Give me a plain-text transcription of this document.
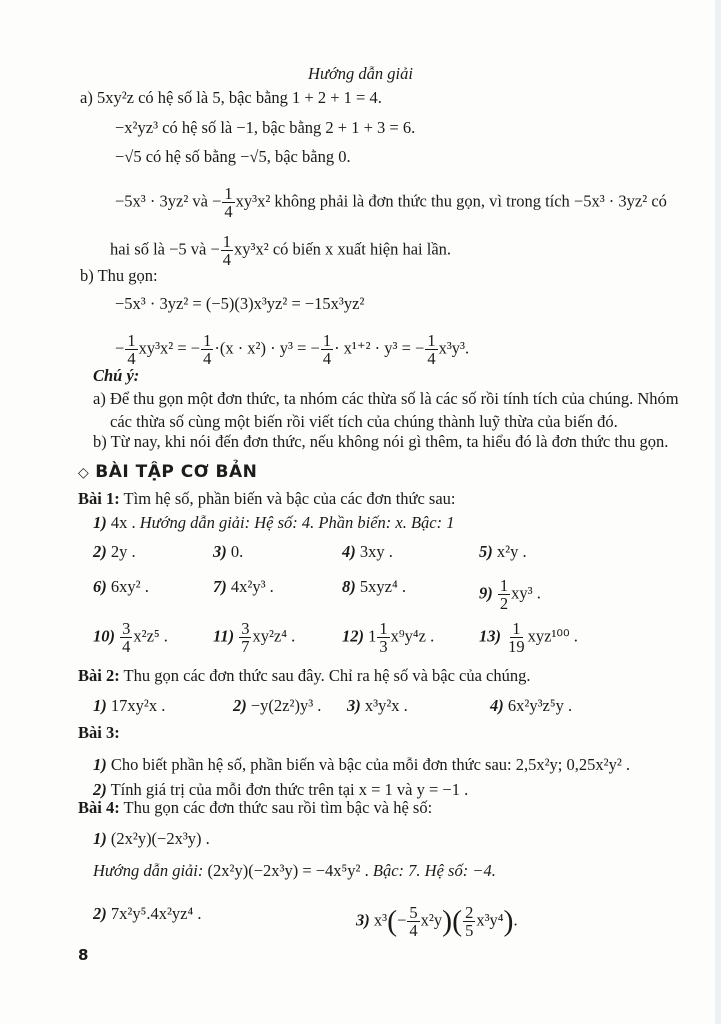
Hướng dẫn giải
a) 5xy²z có hệ số là 5, bậc bằng 1 + 2 + 1 = 4.
−x²yz³ có hệ số là −1, bậc bằng 2 + 1 + 3 = 6.
−√5 có hệ số bằng −√5, bậc bằng 0.
−5x³ · 3yz² và − $\frac{1}{4} xy^3x^2$ không phải là đơn thức thu gọn, vì trong tích −5x³ · 3yz² có
hai số là −5 và − $\frac{1}{4} xy^3x^2$ có biến x xuất hiện hai lần.
b) Thu gọn:
−5x³ · 3yz² = (−5)(3)x³yz² = −15x³yz²
− $\frac{1}{4} xy^3x^2$ = − $\frac{1}{4} \cdot(x \cdot x^2) \cdot y^3$ = − $\frac{1}{4} \cdot x^{1+2} \cdot y^3$ = − $\frac{1}{4} x^3y^3$.
Chú ý:
a) Để thu gọn một đơn thức, ta nhóm các thừa số là các số rồi tính tích của chúng. Nhóm
các thừa số cùng một biến rồi viết tích của chúng thành luỹ thừa của biến đó.
b) Từ nay, khi nói đến đơn thức, nếu không nói gì thêm, ta hiểu đó là đơn thức thu gọn.
◇ BÀI TẬP CƠ BẢN
Bài 1: Tìm hệ số, phần biến và bậc của các đơn thức sau:
1) 4x . Hướng dẫn giải: Hệ số: 4. Phần biến: x. Bậc: 1
2) 2y .	3) 0.	4) 3xy .	5) x²y .
6) 6xy² .	7) 4x²y³ .	8) 5xyz⁴ .	$9) \frac{1}{2} xy^3$ .
$10) \frac{3}{4} x^2z^5$ .	$11) \frac{3}{7} xy^2z^4$ .	12) $1 \frac{1}{3} x^9y^4z$ .	$13) \frac{1}{19} xyz^{100}$ .
Bài 2: Thu gọn các đơn thức sau đây. Chỉ ra hệ số và bậc của chúng.
1) 17xy²x .	2) −y(2z²)y³ . 3) x³y²x .	4) 6x²y³z⁵y .
Bài 3:
1) Cho biết phần hệ số, phần biến và bậc của mỗi đơn thức sau: 2,5x²y; 0,25x²y² .
2) Tính giá trị của mỗi đơn thức trên tại x = 1 và y = −1 .
Bài 4: Thu gọn các đơn thức sau rồi tìm bậc và hệ số:
1) (2x²y)(−2x³y) .
Hướng dẫn giải: (2x²y)(−2x³y) = −4x⁵y² . Bậc: 7. Hệ số: −4.
2) 7x²y⁵.4x²yz⁴ .	3) $x^3(- \frac{5}{4} x^2y)( \frac{2}{5} x^3y^4)$.
8
